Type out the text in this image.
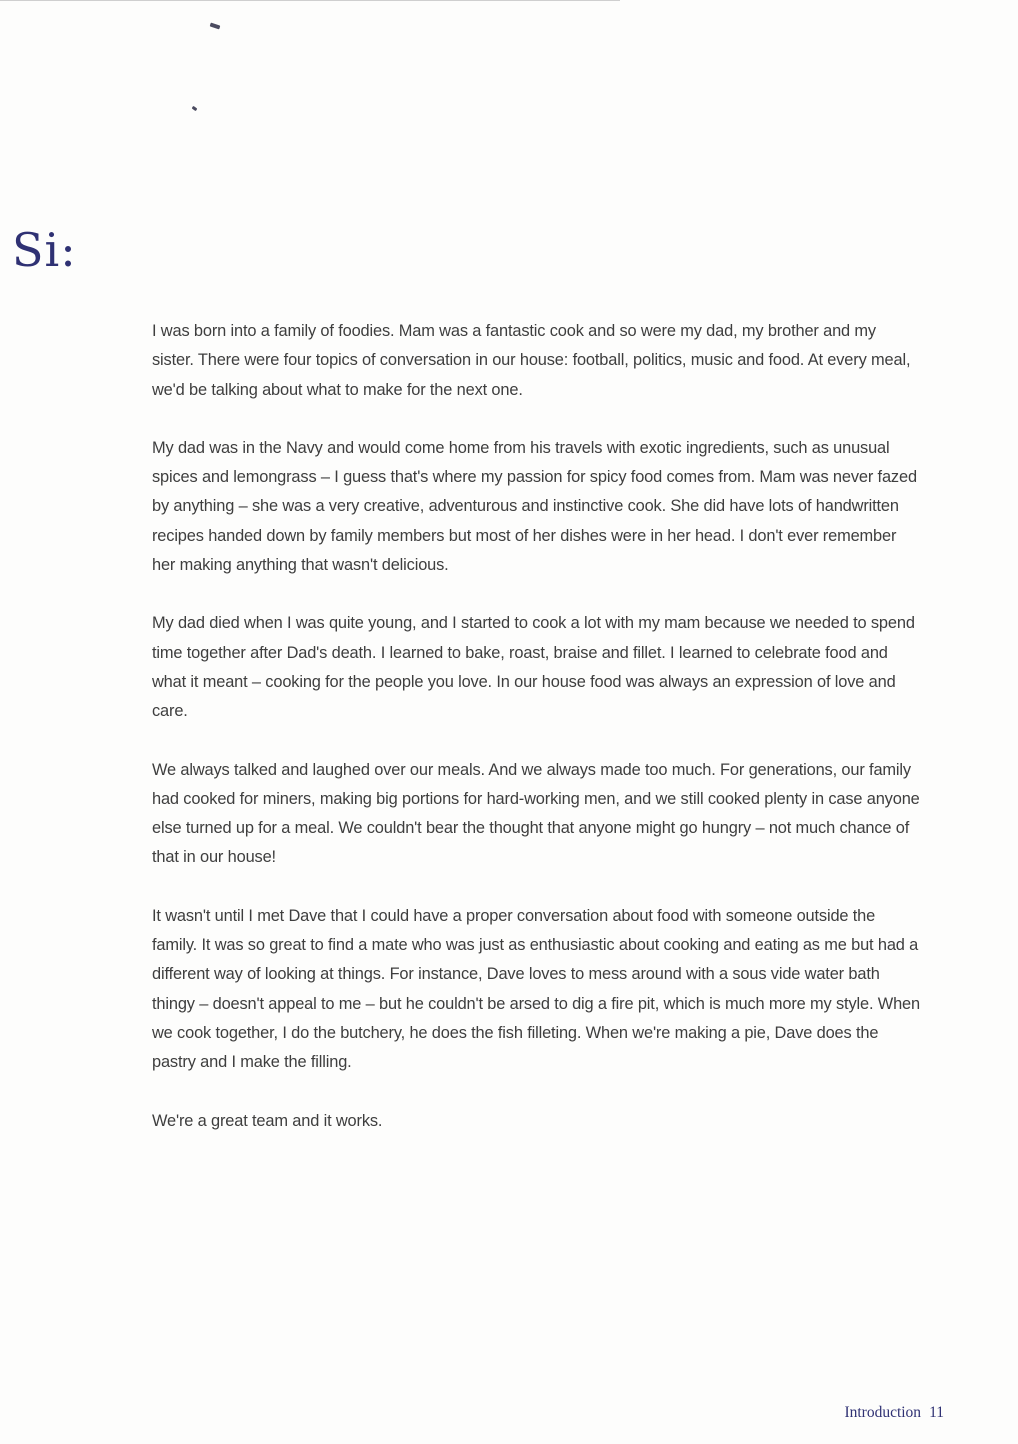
Si:

I was born into a family of foodies. Mam was a fantastic cook and so were my dad, my brother and my sister. There were four topics of conversation in our house: football, politics, music and food. At every meal, we'd be talking about what to make for the next one.

My dad was in the Navy and would come home from his travels with exotic ingredients, such as unusual spices and lemongrass – I guess that's where my passion for spicy food comes from. Mam was never fazed by anything – she was a very creative, adventurous and instinctive cook. She did have lots of handwritten recipes handed down by family members but most of her dishes were in her head. I don't ever remember her making anything that wasn't delicious.

My dad died when I was quite young, and I started to cook a lot with my mam because we needed to spend time together after Dad's death. I learned to bake, roast, braise and fillet. I learned to celebrate food and what it meant – cooking for the people you love. In our house food was always an expression of love and care.

We always talked and laughed over our meals. And we always made too much. For generations, our family had cooked for miners, making big portions for hard-working men, and we still cooked plenty in case anyone else turned up for a meal. We couldn't bear the thought that anyone might go hungry – not much chance of that in our house!

It wasn't until I met Dave that I could have a proper conversation about food with someone outside the family. It was so great to find a mate who was just as enthusiastic about cooking and eating as me but had a different way of looking at things. For instance, Dave loves to mess around with a sous vide water bath thingy – doesn't appeal to me – but he couldn't be arsed to dig a fire pit, which is much more my style. When we cook together, I do the butchery, he does the fish filleting. When we're making a pie, Dave does the pastry and I make the filling.

We're a great team and it works.

Introduction 11
